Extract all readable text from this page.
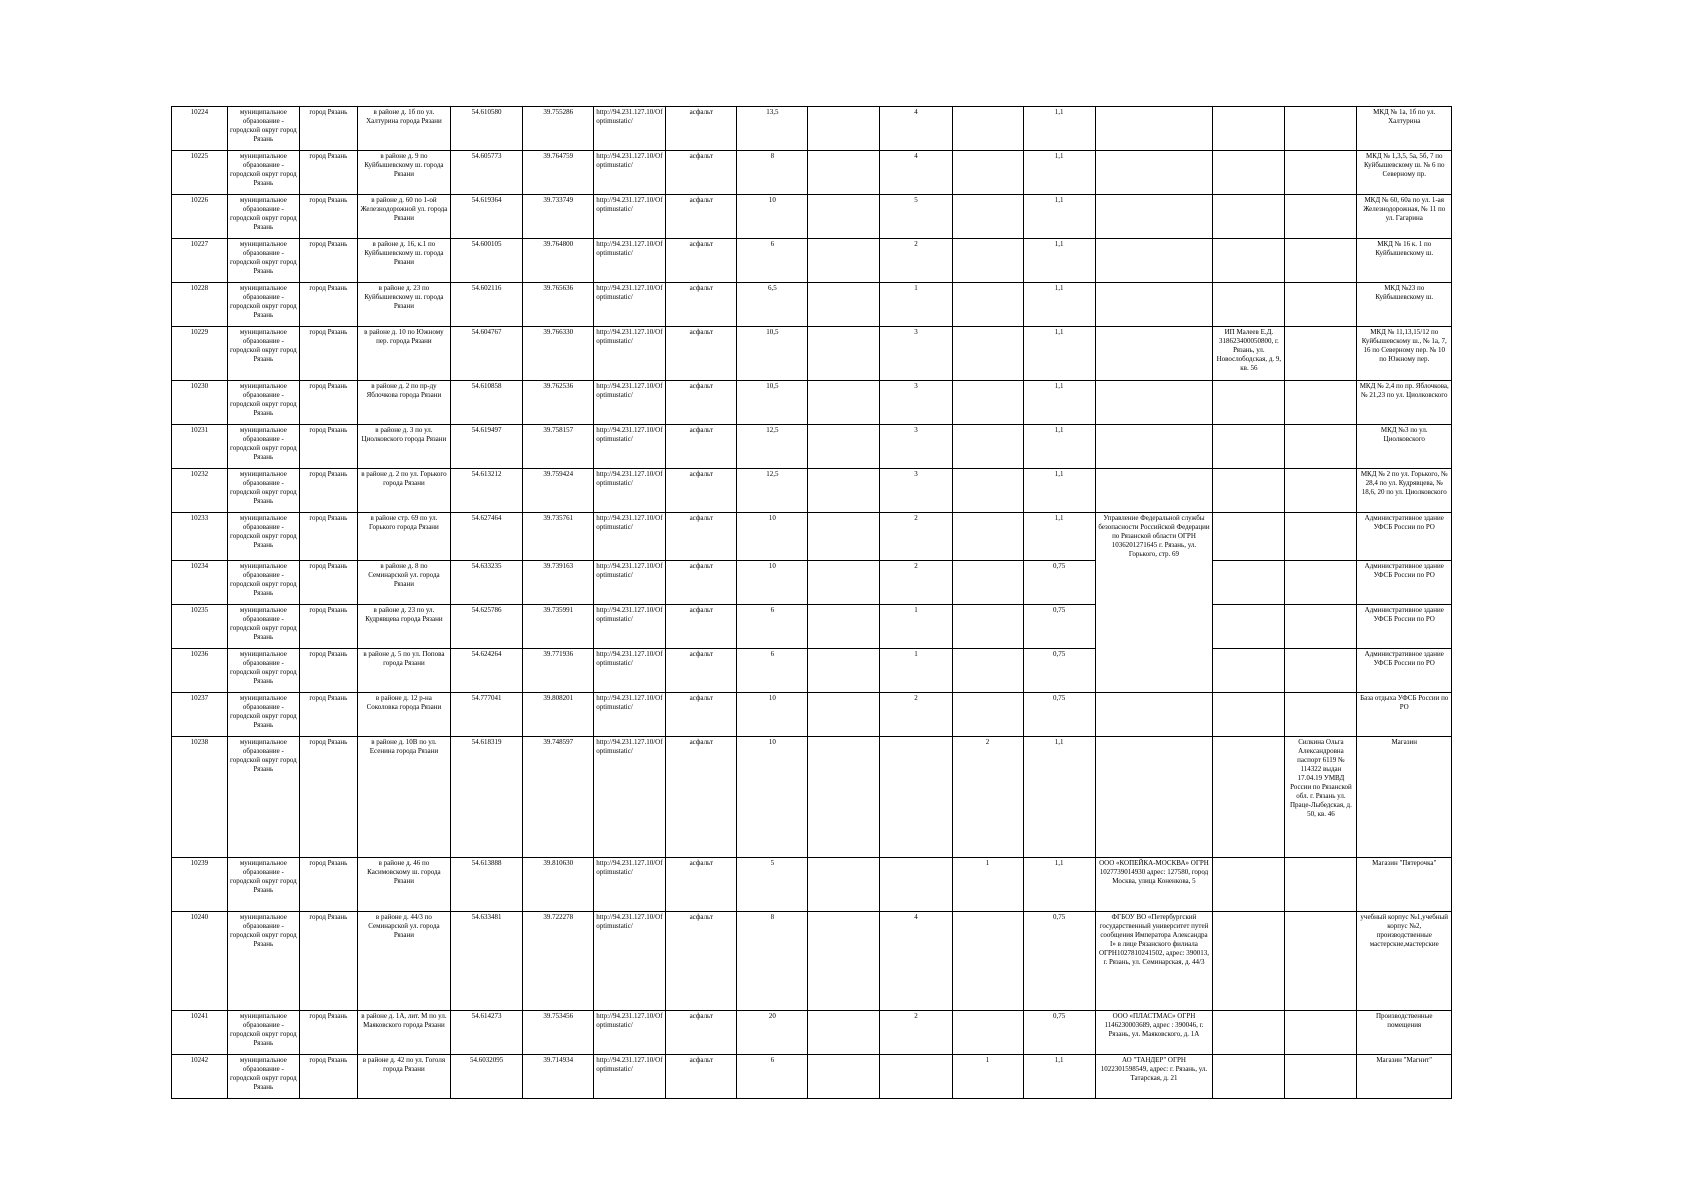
10224	муниципальное образование - городской округ город Рязань	город Рязань	в районе д. 1б по ул. Халтурина города Рязани	54.610580	39.755286	http://94.231.127.10/Ofoptimustatic/	асфальт	13,5		4		1,1				МКД № 1а, 1б по ул. Халтурина
10225	муниципальное образование - городской округ город Рязань	город Рязань	в районе д. 9 по Куйбышевскому ш. города Рязани	54.605773	39.764759	http://94.231.127.10/Ofoptimustatic/	асфальт	8		4		1,1				МКД № 1,3,5, 5а, 5б, 7 по Куйбышевскому ш. № 6 по Северному пр.
10226	муниципальное образование - городской округ город Рязань	город Рязань	в районе д. 60 по 1-ой Железнодорожной ул. города Рязани	54.619364	39.733749	http://94.231.127.10/Ofoptimustatic/	асфальт	10		5		1,1				МКД № 60, 60а по ул. 1-ая Железнодорожная, № 11 по ул. Гагарина
10227	муниципальное образование - городской округ город Рязань	город Рязань	в районе д. 16, к.1 по Куйбышевскому ш. города Рязани	54.600105	39.764800	http://94.231.127.10/Ofoptimustatic/	асфальт	6		2		1,1				МКД № 16 к. 1 по Куйбышевскому ш.
10228	муниципальное образование - городской округ город Рязань	город Рязань	в районе д. 23 по Куйбышевскому ш. города Рязани	54.602116	39.765636	http://94.231.127.10/Ofoptimustatic/	асфальт	6,5		1		1,1				МКД №23 по Куйбышевскому ш.
10229	муниципальное образование - городской округ город Рязань	город Рязань	в районе д. 10 по Южному пер. города Рязани	54.604767	39.766330	http://94.231.127.10/Ofoptimustatic/	асфальт	10,5		3		1,1		ИП Малеев Е.Д. 318623400050800, г. Рязань, ул. Новослободская, д. 9, кв. 56		МКД № 11,13,15/12 по Куйбышевскому ш., № 1а, 7, 16 по Северному пер. № 10 по Южному пер.
10230	муниципальное образование - городской округ город Рязань	город Рязань	в районе д. 2 по пр-ду Яблочкова города Рязани	54.610858	39.762536	http://94.231.127.10/Ofoptimustatic/	асфальт	10,5		3		1,1				МКД № 2,4 по пр. Яблочкова, № 21,23 по ул. Циолковского
10231	муниципальное образование - городской округ город Рязань	город Рязань	в районе д. 3 по ул. Циолковского города Рязани	54.619497	39.758157	http://94.231.127.10/Ofoptimustatic/	асфальт	12,5		3		1,1				МКД №3 по ул. Циолковского
10232	муниципальное образование - городской округ город Рязань	город Рязань	в районе д. 2 по ул. Горького города Рязани	54.613212	39.759424	http://94.231.127.10/Ofoptimustatic/	асфальт	12,5		3		1,1				МКД № 2 по ул. Горького, № 28,4 по ул. Кудрявцева, № 18,6, 20 по ул. Циолковского
10233	муниципальное образование - городской округ город Рязань	город Рязань	в районе стр. 69 по ул. Горького города Рязани	54.627464	39.735761	http://94.231.127.10/Ofoptimustatic/	асфальт	10		2		1,1	Управление Федеральной службы безопасности Российской Федерации по Рязанской области ОГРН 1036201271645 г. Рязань, ул. Горького, стр. 69			Административное здание УФСБ России по РО
10234	муниципальное образование - городской округ город Рязань	город Рязань	в районе д. 8 по Семинарской ул. города Рязани	54.633235	39.739163	http://94.231.127.10/Ofoptimustatic/	асфальт	10		2		0,75				Административное здание УФСБ России по РО
10235	муниципальное образование - городской округ город Рязань	город Рязань	в районе д. 23 по ул. Кудрявцева города Рязани	54.625786	39.735991	http://94.231.127.10/Ofoptimustatic/	асфальт	6		1		0,75				Административное здание УФСБ России по РО
10236	муниципальное образование - городской округ город Рязань	город Рязань	в районе д. 5 по ул. Попова города Рязани	54.624264	39.771936	http://94.231.127.10/Ofoptimustatic/	асфальт	6		1		0,75				Административное здание УФСБ России по РО
10237	муниципальное образование - городской округ город Рязань	город Рязань	в районе д. 12 р-на Соколовка города Рязани	54.777041	39.808201	http://94.231.127.10/Ofoptimustatic/	асфальт	10		2		0,75				База отдыха УФСБ России по РО
10238	муниципальное образование - городской округ город Рязань	город Рязань	в районе д. 10В по ул. Есенина города Рязани	54.618319	39.748597	http://94.231.127.10/Ofoptimustatic/	асфальт	10			2	1,1			Силкина Ольга Александровна паспорт 6119 № 114322 выдан 17.04.19 УМВД России по Рязанской обл. г. Рязань ул. Праце-Лыбедская, д. 50, кв. 46	Магазин
10239	муниципальное образование - городской округ город Рязань	город Рязань	в районе д. 46 по Касимовскому ш. города Рязани	54.613888	39.810630	http://94.231.127.10/Ofoptimustatic/	асфальт	5			1	1,1	ООО «КОПЕЙКА-МОСКВА» ОГРН 1027739014930 адрес: 127580, город Москва, улица Коненкова, 5			Магазин "Пятерочка"
10240	муниципальное образование - городской округ город Рязань	город Рязань	в районе д. 44/3 по Семинарской ул. города Рязани	54.633481	39.722278	http://94.231.127.10/Ofoptimustatic/	асфальт	8		4		0,75	ФГБОУ ВО «Петербургский государственный университет путей сообщения Императора Александра I» в лице Рязанского филиала ОГРН1027810241502, адрес: 390013, г. Рязань, ул. Семинарская, д. 44/3			учебный корпус №1,учебный корпус №2, производственные мастерские,мастерские
10241	муниципальное образование - городской округ город Рязань	город Рязань	в районе д. 1А, лит. М по ул. Маяковского города Рязани	54.614273	39.753456	http://94.231.127.10/Ofoptimustatic/	асфальт	20		2		0,75	ООО «ПЛАСТМАС» ОГРН 1146230003689, адрес : 390046, г. Рязань, ул. Маяковского, д. 1А			Производственные помещения
10242	муниципальное образование - городской округ город Рязань	город Рязань	в районе д. 42 по ул. Гоголя города Рязани	54.6032095	39.714934	http://94.231.127.10/Ofoptimustatic/	асфальт	6			1	1,1	АО "ТАНДЕР" ОГРН 1022301598549, адрес: г. Рязань, ул. Татарская, д. 21			Магазин "Магнит"
